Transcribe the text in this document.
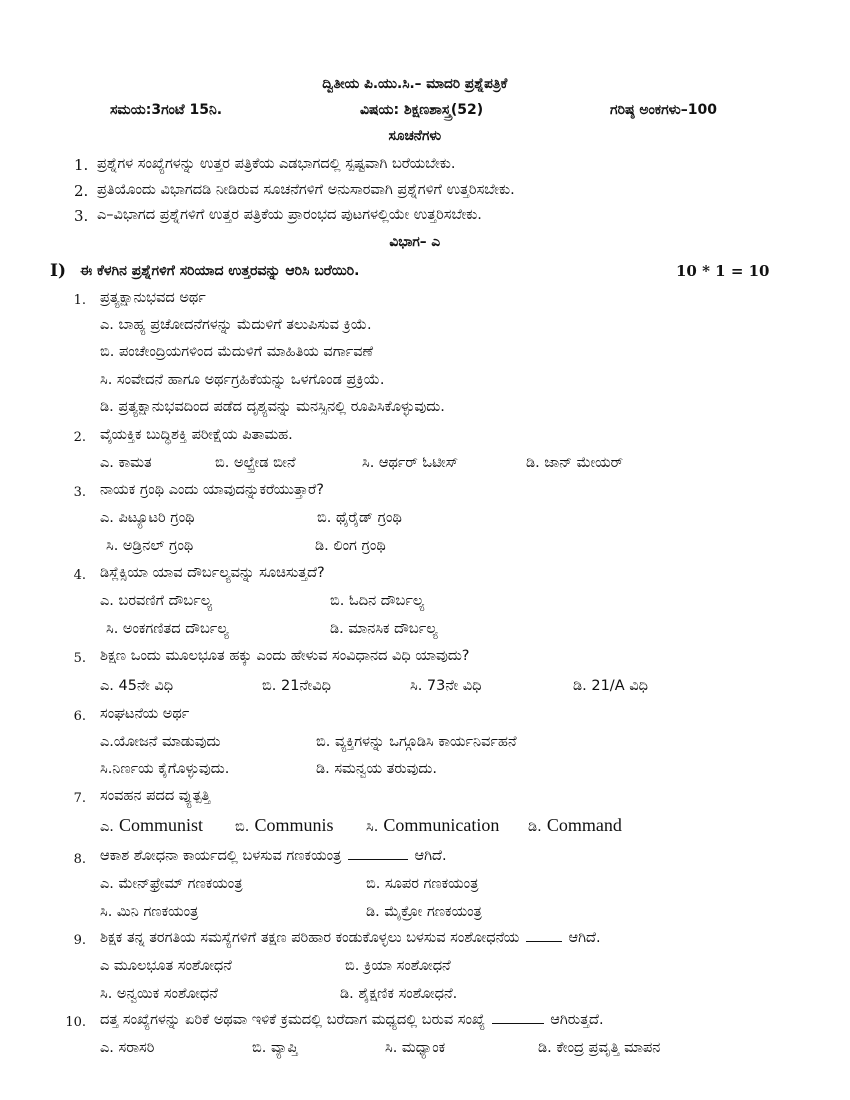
ದ್ವಿತೀಯ ಪಿ.ಯು.ಸಿ.– ಮಾದರಿ ಪ್ರಶ್ನೆಪತ್ರಿಕೆ
ಸಮಯ:3ಗಂಟೆ 15ನಿ.	ವಿಷಯ: ಶಿಕ್ಷಣಶಾಸ್ತ್ರ(52)	ಗರಿಷ್ಠ ಅಂಕಗಳು–100
ಸೂಚನೆಗಳು
1. ಪ್ರಶ್ನೆಗಳ ಸಂಖ್ಯೆಗಳನ್ನು ಉತ್ತರ ಪತ್ರಿಕೆಯ ಎಡಭಾಗದಲ್ಲಿ ಸ್ಪಷ್ಟವಾಗಿ ಬರೆಯಬೇಕು.
2. ಪ್ರತಿಯೊಂದು ವಿಭಾಗದಡಿ ನೀಡಿರುವ ಸೂಚನೆಗಳಿಗೆ ಅನುಸಾರವಾಗಿ ಪ್ರಶ್ನೆಗಳಿಗೆ ಉತ್ತರಿಸಬೇಕು.
3. ಎ–ವಿಭಾಗದ ಪ್ರಶ್ನೆಗಳಿಗೆ ಉತ್ತರ ಪತ್ರಿಕೆಯ ಪ್ರಾರಂಭದ ಪುಟಗಳಲ್ಲಿಯೇ ಉತ್ತರಿಸಬೇಕು.
ವಿಭಾಗ– ಎ
I) ಈ ಕೆಳಗಿನ ಪ್ರಶ್ನೆಗಳಿಗೆ ಸರಿಯಾದ ಉತ್ತರವನ್ನು ಆರಿಸಿ ಬರೆಯಿರಿ.	10 * 1 = 10
1. ಪ್ರತ್ಯಕ್ಷಾನುಭವದ ಅರ್ಥ
ಎ. ಬಾಹ್ಯ ಪ್ರಚೋದನೆಗಳನ್ನು ಮೆದುಳಿಗೆ ತಲುಪಿಸುವ ಕ್ರಿಯೆ.
ಬಿ. ಪಂಚೇಂದ್ರಿಯಗಳಿಂದ ಮೆದುಳಿಗೆ ಮಾಹಿತಿಯ ವರ್ಗಾವಣೆ
ಸಿ. ಸಂವೇದನೆ ಹಾಗೂ ಅರ್ಥಗ್ರಹಿಕೆಯನ್ನು ಒಳಗೊಂಡ ಪ್ರಕ್ರಿಯೆ.
ಡಿ. ಪ್ರತ್ಯಕ್ಷಾನುಭವದಿಂದ ಪಡೆದ ದೃಶ್ಯವನ್ನು ಮನಸ್ಸಿನಲ್ಲಿ ರೂಪಿಸಿಕೊಳ್ಳುವುದು.
2. ವೈಯಕ್ತಿಕ ಬುದ್ಧಿಶಕ್ತಿ ಪರೀಕ್ಷೆಯ ಪಿತಾಮಹ.
ಎ. ಕಾಮತ	ಬಿ. ಅಲ್ಫ್ರೇಡ ಬೀನೆ	ಸಿ. ಆರ್ಥರ್ ಓಟೀಸ್	ಡಿ. ಜಾನ್ ಮೇಯರ್
3. ನಾಯಕ ಗ್ರಂಥಿ ಎಂದು ಯಾವುದನ್ನುಕರೆಯುತ್ತಾರೆ?
ಎ. ಪಿಟ್ಯೂಟರಿ ಗ್ರಂಥಿ	ಬಿ. ಥೈರೈಡ್ ಗ್ರಂಥಿ
ಸಿ. ಅಡ್ರಿನಲ್ ಗ್ರಂಥಿ	ಡಿ. ಲಿಂಗ ಗ್ರಂಥಿ
4. ಡಿಸ್ಲೆಕ್ಸಿಯಾ ಯಾವ ದೌರ್ಬಲ್ಯವನ್ನು ಸೂಚಿಸುತ್ತದೆ?
ಎ. ಬರವಣಿಗೆ ದೌರ್ಬಲ್ಯ	ಬಿ. ಓದಿನ ದೌರ್ಬಲ್ಯ
ಸಿ. ಅಂಕಗಣಿತದ ದೌರ್ಬಲ್ಯ	ಡಿ. ಮಾನಸಿಕ ದೌರ್ಬಲ್ಯ
5. ಶಿಕ್ಷಣ ಒಂದು ಮೂಲಭೂತ ಹಕ್ಕು ಎಂದು ಹೇಳುವ ಸಂವಿಧಾನದ ವಿಧಿ ಯಾವುದು?
ಎ. 45ನೇ ವಿಧಿ	ಬಿ. 21ನೇವಿಧಿ	ಸಿ. 73ನೇ ವಿಧಿ	ಡಿ. 21/A ವಿಧಿ
6. ಸಂಘಟನೆಯ ಅರ್ಥ
ಎ.ಯೋಜನೆ ಮಾಡುವುದು	ಬಿ. ವ್ಯಕ್ತಿಗಳನ್ನು ಒಗ್ಗೂಡಿಸಿ ಕಾರ್ಯನಿರ್ವಹನೆ
ಸಿ.ನಿರ್ಣಯ ಕೈಗೊಳ್ಳುವುದು.	ಡಿ. ಸಮನ್ವಯ ತರುವುದು.
7. ಸಂವಹನ ಪದದ ವ್ಯುತ್ಪತ್ತಿ
ಎ. Communist ಬಿ. Communis ಸಿ. Communication ಡಿ. Command
8. ಆಕಾಶ ಶೋಧನಾ ಕಾರ್ಯದಲ್ಲಿ ಬಳಸುವ ಗಣಕಯಂತ್ರ	ಆಗಿದೆ.
ಎ. ಮೇನ್‌ಫ್ರೇಮ್ ಗಣಕಯಂತ್ರ	ಬಿ. ಸೂಪರ ಗಣಕಯಂತ್ರ
ಸಿ. ಮಿನಿ ಗಣಕಯಂತ್ರ	ಡಿ. ಮೈಕ್ರೋ ಗಣಕಯಂತ್ರ
9. ಶಿಕ್ಷಕ ತನ್ನ ತರಗತಿಯ ಸಮಸ್ಯೆಗಳಿಗೆ ತಕ್ಷಣ ಪರಿಹಾರ ಕಂಡುಕೊಳ್ಳಲು ಬಳಸುವ ಸಂಶೋಧನೆಯ	ಆಗಿದೆ.
ಎ ಮೂಲಭೂತ ಸಂಶೋಧನೆ	ಬಿ. ಕ್ರಿಯಾ ಸಂಶೋಧನೆ
ಸಿ. ಅನ್ವಯಿಕ ಸಂಶೋಧನೆ	ಡಿ. ಶೈಕ್ಷಣಿಕ ಸಂಶೋಧನೆ.
10. ದತ್ತ ಸಂಖ್ಯೆಗಳನ್ನು ಏರಿಕೆ ಅಥವಾ ಇಳಿಕೆ ಕ್ರಮದಲ್ಲಿ ಬರೆದಾಗ ಮಧ್ಯದಲ್ಲಿ ಬರುವ ಸಂಖ್ಯೆ	ಆಗಿರುತ್ತದೆ.
ಎ. ಸರಾಸರಿ	ಬಿ. ವ್ಯಾಪ್ತಿ	ಸಿ. ಮಧ್ಯಾಂಕ	ಡಿ. ಕೇಂದ್ರ ಪ್ರವೃತ್ತಿ ಮಾಪನ
